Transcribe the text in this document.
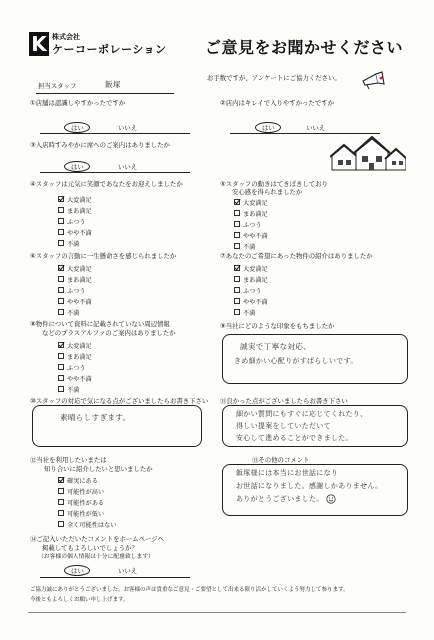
K 株式会社
ケーコーポレーション ご意見をお聞かせください
担当スタッフ	飯塚
お手数ですが、アンケートにご協力ください。
①店舗は認識しやすかったですか
はい	いいえ
②店内はキレイで入りやすかったですか
はい	いいえ
③入店時すみやかに席へのご案内はありましたか
はい	いいえ
④スタッフは元気に笑顔であなたをお迎えしましたか
大変満足
まあ満足
ふつう
やや不満
不満
⑤スタッフの動きはてきぱきしており
安心感を得られましたか
大変満足
まあ満足
ふつう
やや不満
不満
⑥スタッフの言動に一生懸命さを感じられましたか
大変満足
まあ満足
ふつう
やや不満
不満
⑦あなたのご希望にあった物件の紹介はありましたか
大変満足
まあ満足
ふつう
やや不満
不満
⑧物件について資料に記載されていない周辺情報
などのプラスアルファのご案内はありましたか
大変満足
まあ満足
ふつう
やや不満
不満
⑨当社にどのような印象をもちましたか
誠実で丁寧な対応、
きめ細かい心配りがすばらしいです。
⑩スタッフの対応で気になる点がございましたらお書き下さい
素晴らしすぎます。
⑪良かった点がございましたらお書き下さい
細かい質問にもすぐに応じてくれたり、
得しい提案をしていただいて
安心して進めることができました。
⑫当社を利用したいまたは
知り合いに紹介したいと思いましたか
確実にある
可能性が高い
可能性がある
可能性が低い
全く可能性はない
⑬その他のコメント
飯塚様には本当にお世話になり
お世話になりました。感謝しかありません。
ありがとうございました。
⑭ご記入いただいたコメントをホームページへ
掲載してもよろしいでしょうか？
（お客様の個人情報は十分に配慮致します）
はい	いいえ
ご協力誠にありがとうございました。お客様の声は貴重なご意見・ご要望として出来る限り活かしていくよう努力して参ります。
今後ともよろしくお願い申し上げます。
